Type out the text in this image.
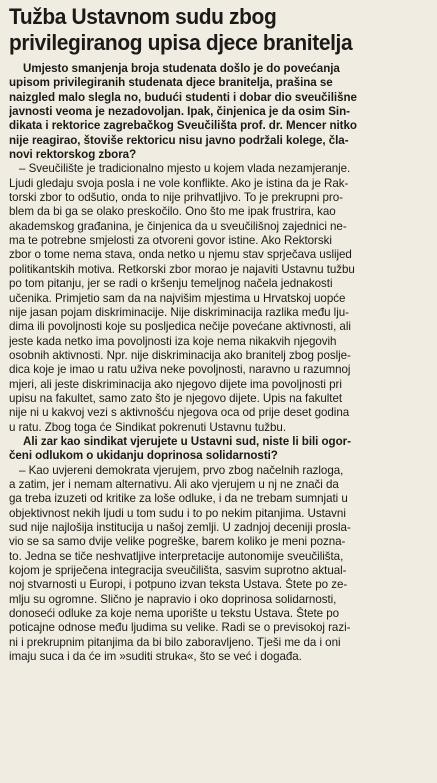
Tužba Ustavnom sudu zbog
privilegiranog upisa djece branitelja
Umjesto smanjenja broja studenata došlo je do povećanja
upisom privilegiranih studenata djece branitelja, prašina se
naizgled malo slegla no, budući studenti i dobar dio sveučilišne
javnosti veoma je nezadovoljan. Ipak, činjenica je da osim Sin-
dikata i rektorice zagrebačkog Sveučilišta prof. dr. Mencer nitko
nije reagirao, štoviše rektoricu nisu javno podržali kolege, čla-
novi rektorskog zbora?
– Sveučilište je tradicionalno mjesto u kojem vlada nezamjeranje.
Ljudi gledaju svoja posla i ne vole konflikte. Ako je istina da je Rak-
torski zbor to odšutio, onda to nije prihvatljivo. To je prekrupni pro-
blem da bi ga se olako preskočilo. Ono što me ipak frustrira, kao
akademskog građanina, je činjenica da u sveučilišnoj zajednici ne-
ma te potrebne smjelosti za otvoreni govor istine. Ako Rektorski
zbor o tome nema stava, onda netko u njemu stav sprječava uslijed
politikantskih motiva. Retkorski zbor morao je najaviti Ustavnu tužbu
po tom pitanju, jer se radi o kršenju temeljnog načela jednakosti
učenika. Primjetio sam da na najvišim mjestima u Hrvatskoj uopće
nije jasan pojam diskriminacije. Nije diskriminacija razlika među lju-
dima ili povoljnosti koje su posljedica nečije povećane aktivnosti, ali
jeste kada netko ima povoljnosti iza koje nema nikakvih njegovih
osobnih aktivnosti. Npr. nije diskriminacija ako branitelj zbog poslje-
dica koje je imao u ratu uživa neke povoljnosti, naravno u razumnoj
mjeri, ali jeste diskriminacija ako njegovo dijete ima povoljnosti pri
upisu na fakultet, samo zato što je njegovo dijete. Upis na fakultet
nije ni u kakvoj vezi s aktivnošću njegova oca od prije deset godina
u ratu. Zbog toga će Sindikat pokrenuti Ustavnu tužbu.
Ali zar kao sindikat vjerujete u Ustavni sud, niste li bili ogor-
čeni odlukom o ukidanju doprinosa solidarnosti?
– Kao uvjereni demokrata vjerujem, prvo zbog načelnih razloga,
a zatim, jer i nemam alternativu. Ali ako vjerujem u nj ne znači da
ga treba izuzeti od kritike za loše odluke, i da ne trebam sumnjati u
objektivnost nekih ljudi u tom sudu i to po nekim pitanjima. Ustavni
sud nije najlošija institucija u našoj zemlji. U zadnjoj deceniji prosla-
vio se sa samo dvije velike pogreške, barem koliko je meni pozna-
to. Jedna se tiče neshvatljive interpretacije autonomije sveučilišta,
kojom je spriječena integracija sveučilišta, sasvim suprotno aktual-
noj stvarnosti u Europi, i potpuno izvan teksta Ustava. Štete po ze-
mlju su ogromne. Slično je napravio i oko doprinosa solidarnosti,
donoseći odluke za koje nema uporište u tekstu Ustava. Štete po
poticajne odnose među ljudima su velike. Radi se o previsokoj razi-
ni i prekrupnim pitanjima da bi bilo zaboravljeno. Tješi me da i oni
imaju suca i da će im »suditi struka«, što se već i događa.
